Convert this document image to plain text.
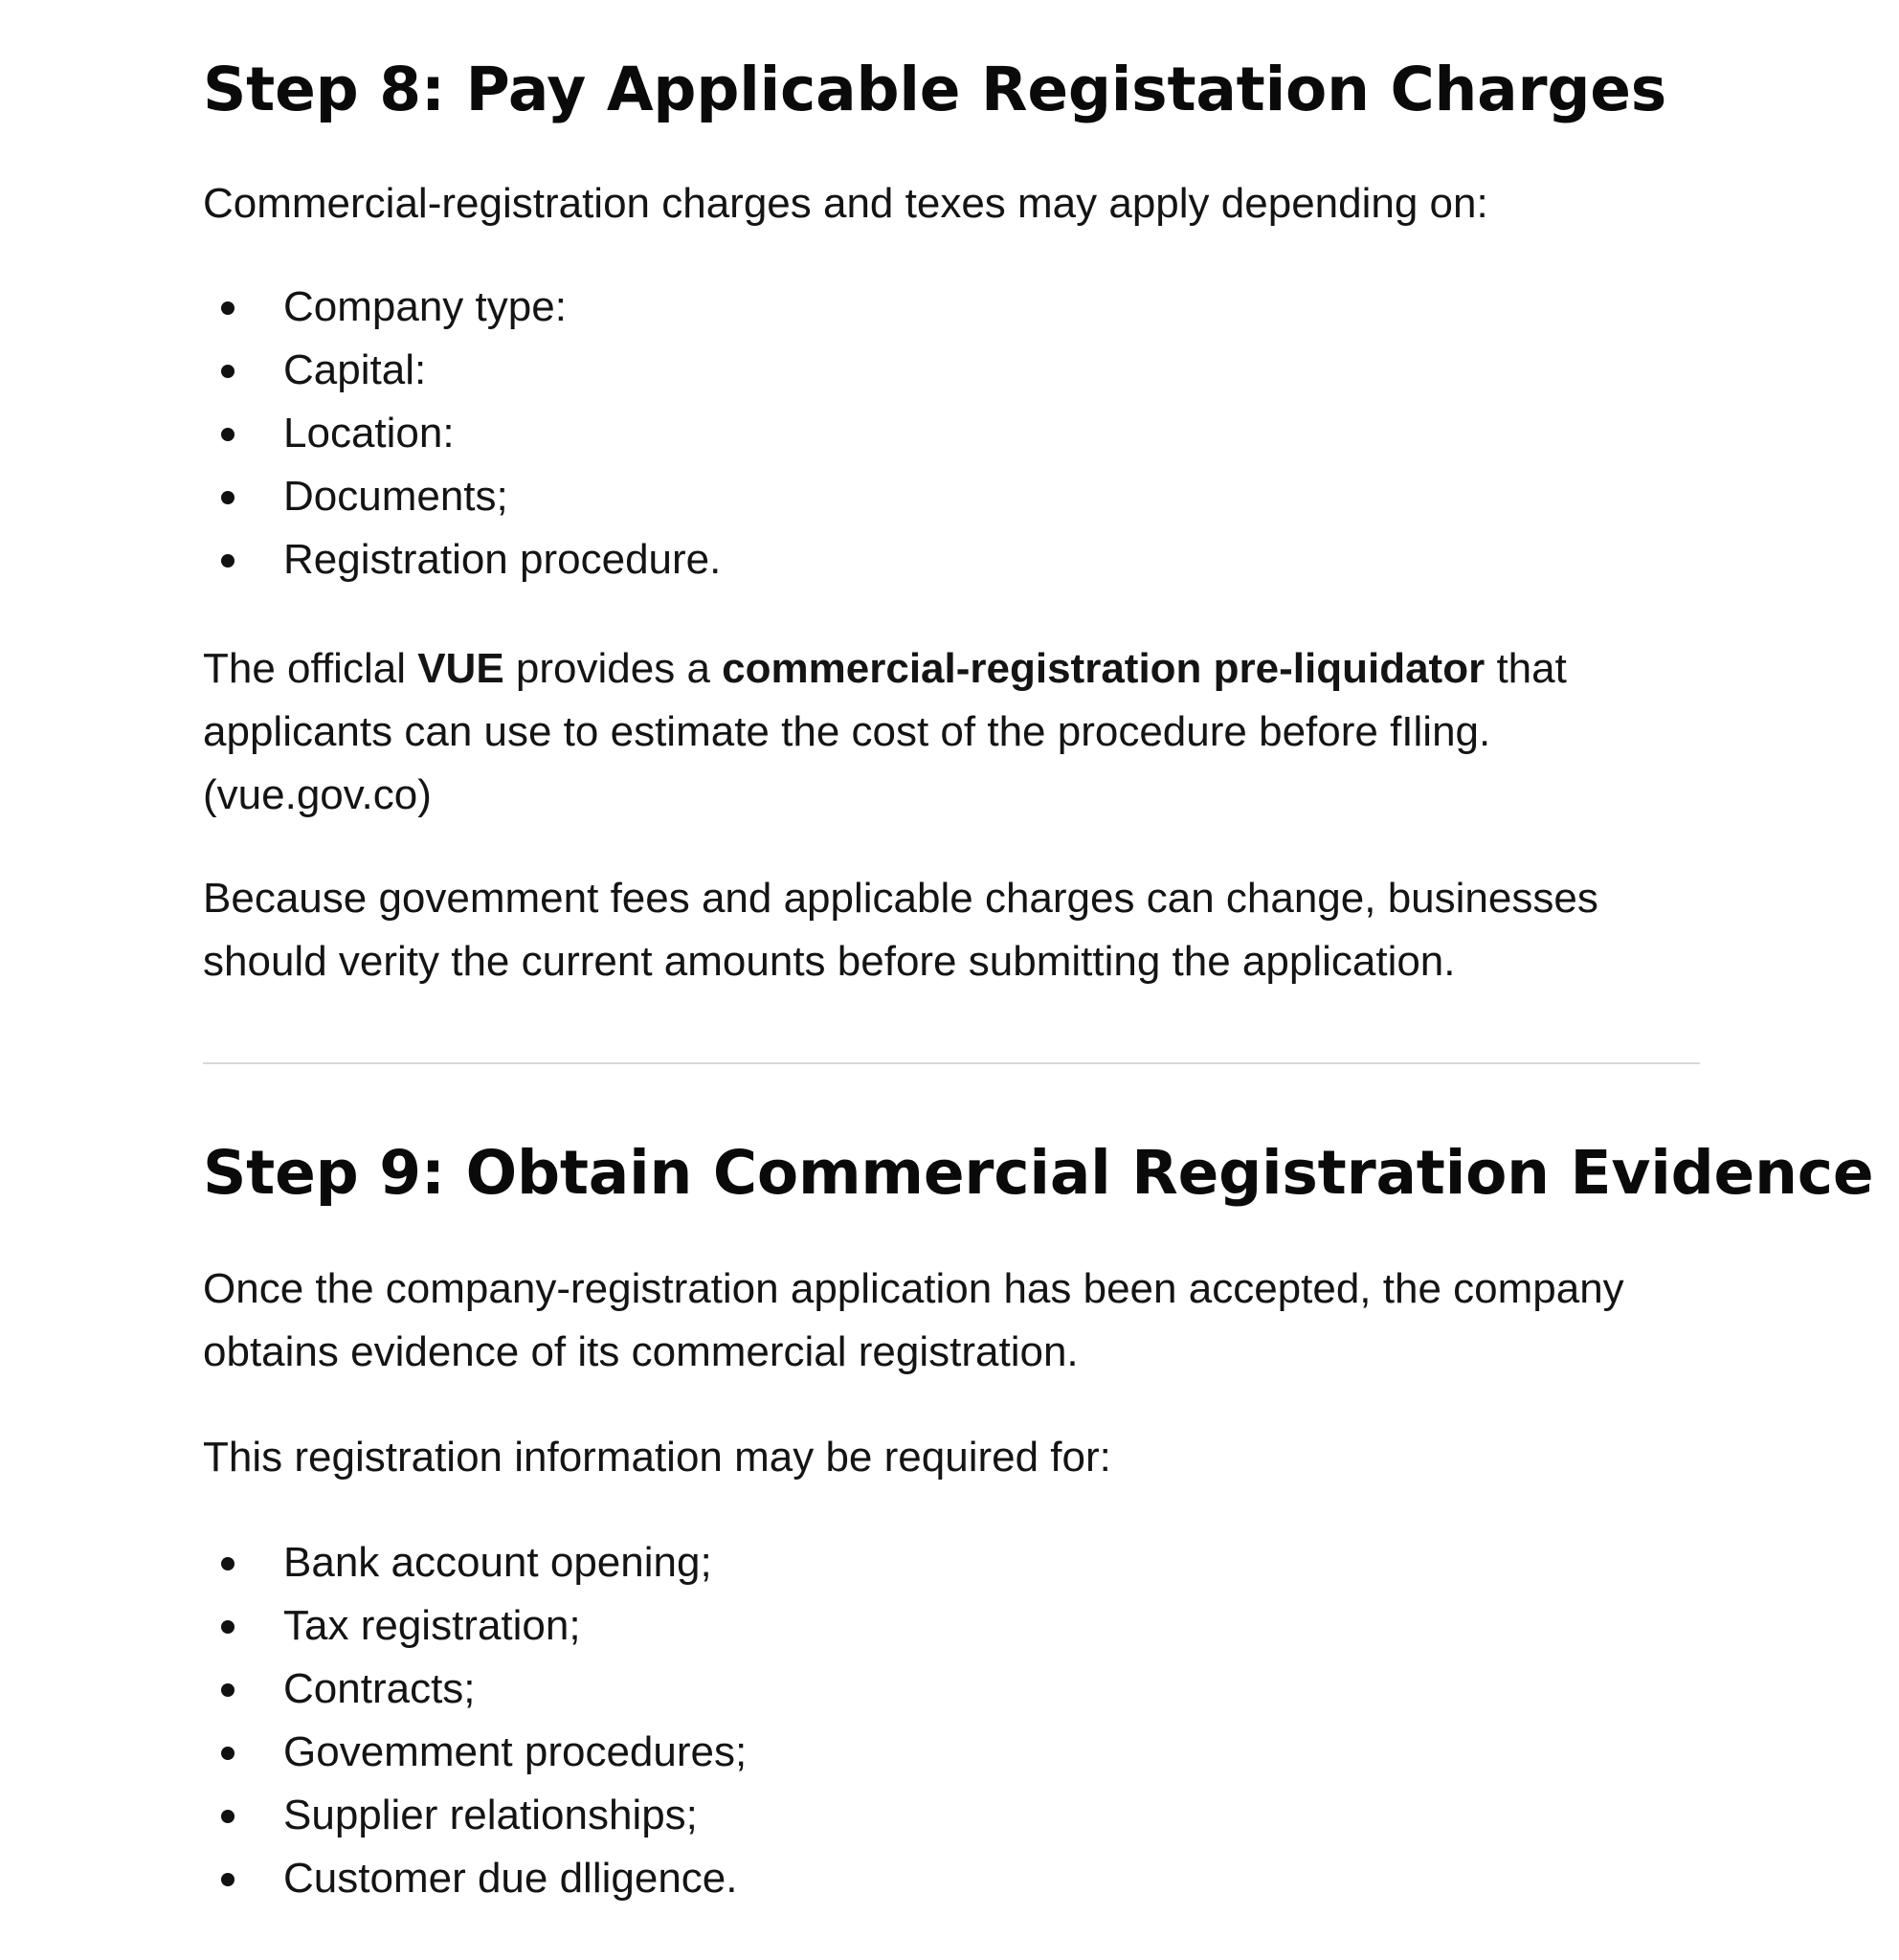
Step 8: Pay Applicable Registation Charges

Commercial-registration charges and texes may apply depending on:

Company type:
Capital:
Location:
Documents;
Registration procedure.

The officlal VUE provides a commercial-registration pre-liquidator that applicants can use to estimate the cost of the procedure before fIling. (vue.gov.co)

Because govemment fees and applicable charges can change, businesses should verity the current amounts before submitting the application.

Step 9: Obtain Commercial Registration Evidence

Once the company-registration application has been accepted, the company obtains evidence of its commercial registration.

This registration information may be required for:

Bank account opening;
Tax registration;
Contracts;
Govemment procedures;
Supplier relationships;
Customer due dlligence.
